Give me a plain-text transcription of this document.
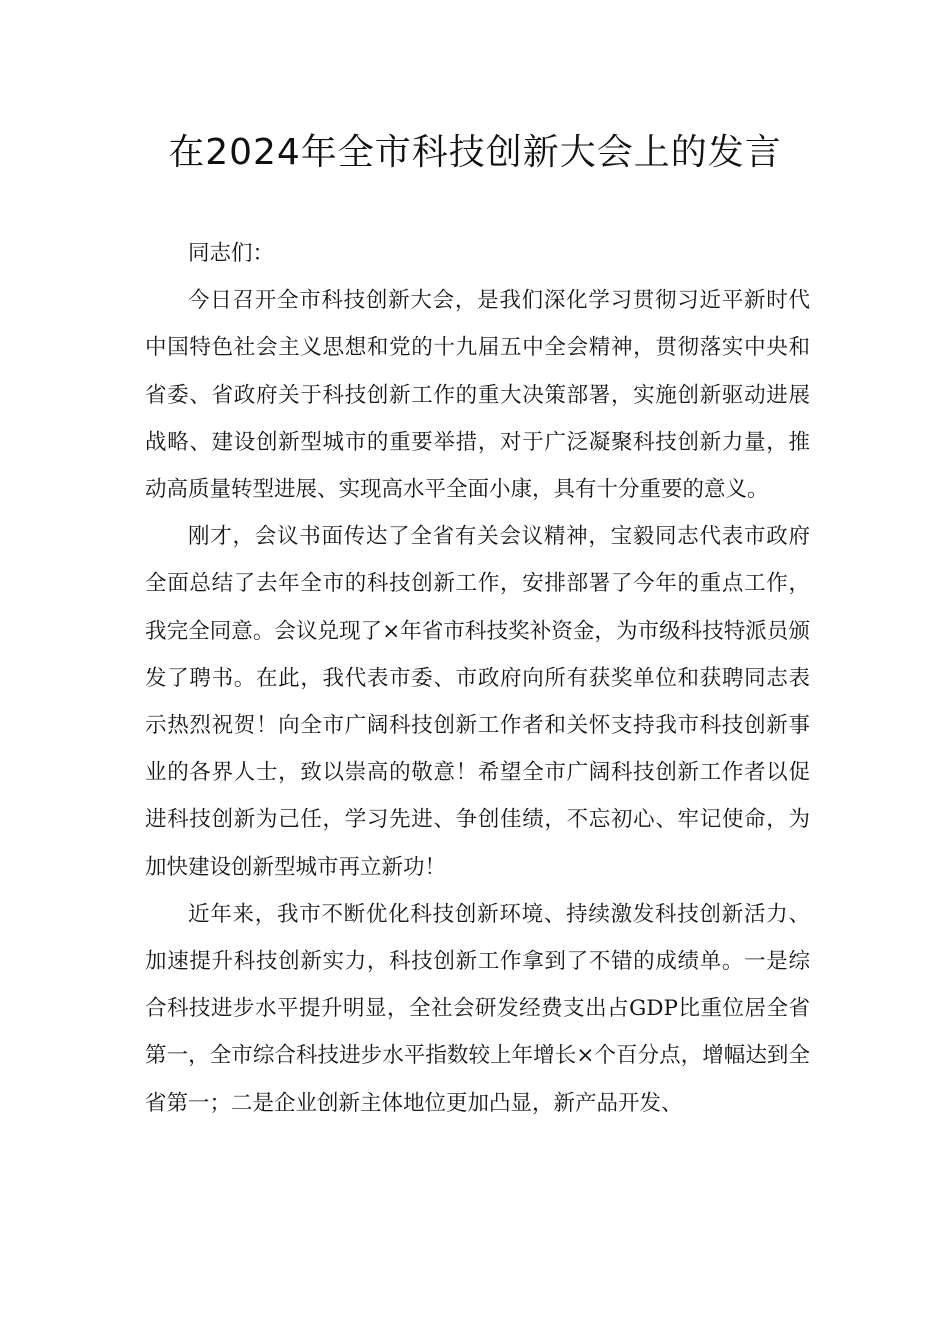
在2024年全市科技创新大会上的发言

同志们：

今日召开全市科技创新大会，是我们深化学习贯彻习近平新时代中国特色社会主义思想和党的十九届五中全会精神，贯彻落实中央和省委、省政府关于科技创新工作的重大决策部署，实施创新驱动进展战略、建设创新型城市的重要举措，对于广泛凝聚科技创新力量，推动高质量转型进展、实现高水平全面小康，具有十分重要的意义。

刚才，会议书面传达了全省有关会议精神，宝毅同志代表市政府全面总结了去年全市的科技创新工作，安排部署了今年的重点工作，我完全同意。会议兑现了×年省市科技奖补资金，为市级科技特派员颁发了聘书。在此，我代表市委、市政府向所有获奖单位和获聘同志表示热烈祝贺！向全市广阔科技创新工作者和关怀支持我市科技创新事业的各界人士，致以崇高的敬意！希望全市广阔科技创新工作者以促进科技创新为己任，学习先进、争创佳绩，不忘初心、牢记使命，为加快建设创新型城市再立新功！

近年来，我市不断优化科技创新环境、持续激发科技创新活力、加速提升科技创新实力，科技创新工作拿到了不错的成绩单。一是综合科技进步水平提升明显，全社会研发经费支出占GDP比重位居全省第一，全市综合科技进步水平指数较上年增长×个百分点，增幅达到全省第一；二是企业创新主体地位更加凸显，新产品开发、
